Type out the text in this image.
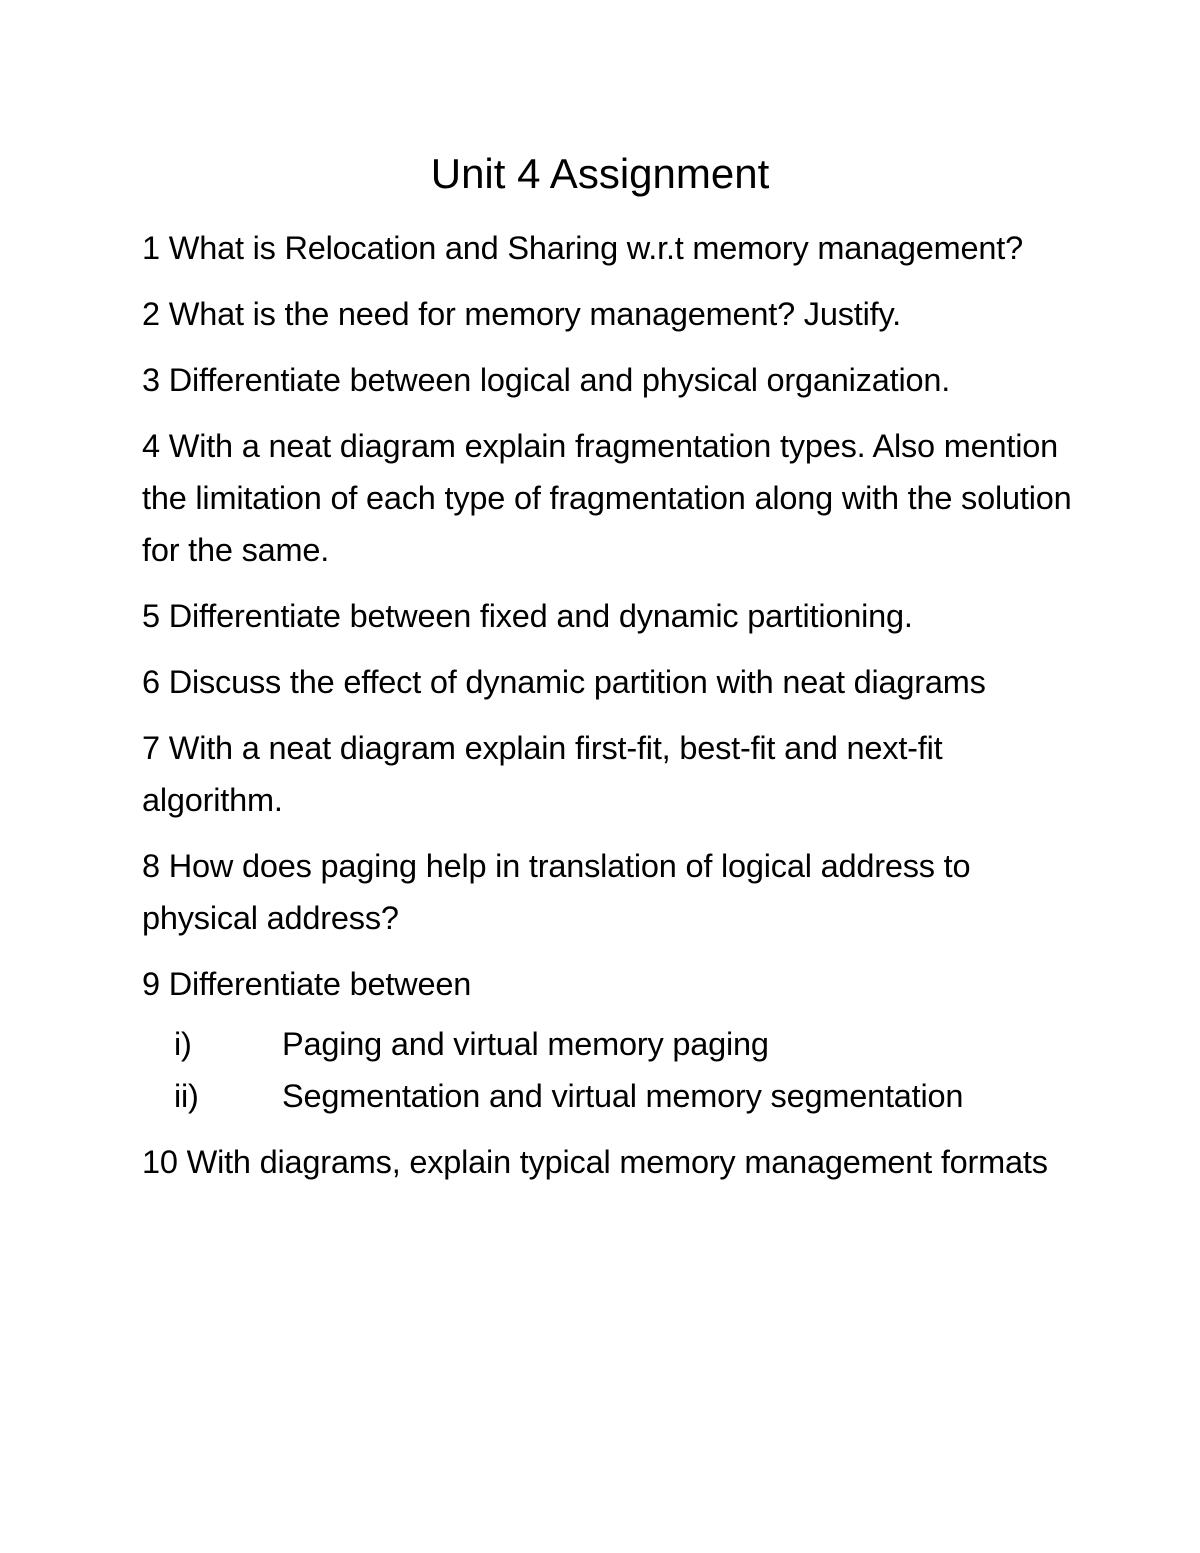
Unit 4 Assignment

1 What is Relocation and Sharing w.r.t memory management?

2 What is the need for memory management? Justify.

3 Differentiate between logical and physical organization.

4 With a neat diagram explain fragmentation types. Also mention the limitation of each type of fragmentation along with the solution for the same.

5 Differentiate between fixed and dynamic partitioning.

6 Discuss the effect of dynamic partition with neat diagrams

7 With a neat diagram explain first-fit, best-fit and next-fit algorithm.

8 How does paging help in translation of logical address to physical address?

9 Differentiate between

i)	Paging and virtual memory paging
ii)	Segmentation and virtual memory segmentation

10 With diagrams, explain typical memory management formats
